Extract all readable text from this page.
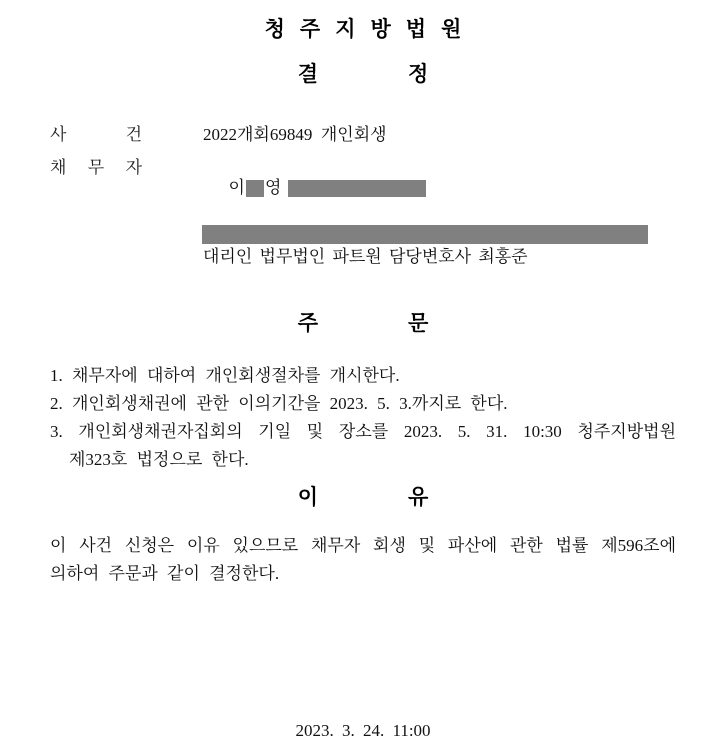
청주지방법원
결	정
사	건	2022개회69849  개인회생
채 무 자

이 영

대리인 법무법인 파트원 담당변호사 최홍준
주	문
1. 채무자에 대하여 개인회생절차를 개시한다.
2. 개인회생채권에 관한 이의기간을 2023. 5. 3.까지로 한다.
3. 개인회생채권자집회의 기일 및 장소를 2023. 5. 31. 10:30 청주지방법원 제323호 법정으로 한다.
이	유
이 사건 신청은 이유 있으므로 채무자 회생 및 파산에 관한 법률 제596조에 의하여 주문과 같이 결정한다.
2023. 3. 24. 11:00
